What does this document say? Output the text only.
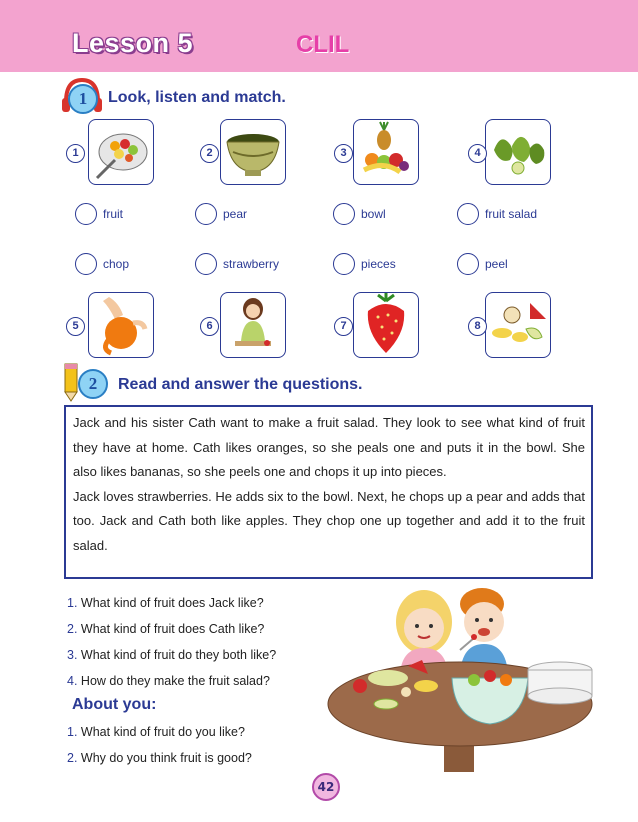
Lesson 5	CLIL
1	Look, listen and match.
1	2	3	4
fruit	pear	bowl	fruit salad
chop	strawberry	pieces	peel
5	6	7	8
2	Read and answer the questions.

Jack and his sister Cath want to make a fruit salad. They look to see what kind of fruit they have at home. Cath likes oranges, so she peals one and puts it in the bowl. She also likes bananas, so she peels one and chops it up into pieces.

Jack loves strawberries. He adds six to the bowl. Next, he chops up a pear and adds that too. Jack and Cath both like apples. They chop one up together and add it to the fruit salad.

1. What kind of fruit does Jack like?
2. What kind of fruit does Cath like?
3. What kind of fruit do they both like?
4. How do they make the fruit salad?
About you:
1. What kind of fruit do you like?
2. Why do you think fruit is good?
42
